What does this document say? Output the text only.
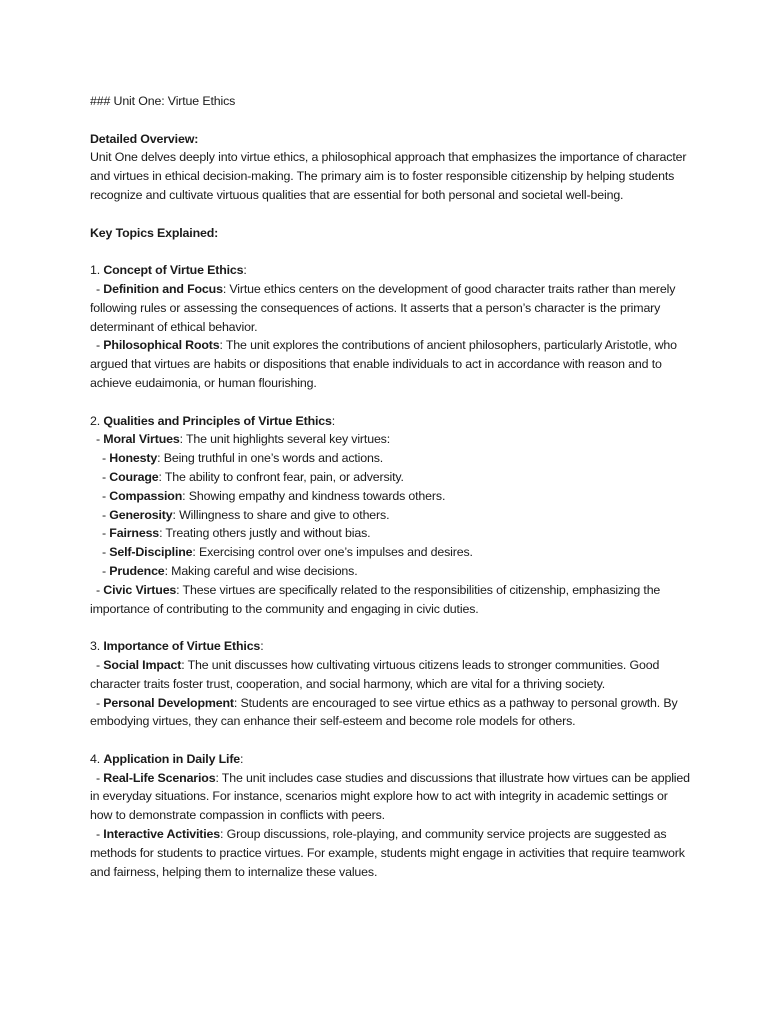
### Unit One: Virtue Ethics

Detailed Overview:

Unit One delves deeply into virtue ethics, a philosophical approach that emphasizes the importance of character and virtues in ethical decision-making. The primary aim is to foster responsible citizenship by helping students recognize and cultivate virtuous qualities that are essential for both personal and societal well-being.

Key Topics Explained:

1. Concept of Virtue Ethics:

- Definition and Focus: Virtue ethics centers on the development of good character traits rather than merely following rules or assessing the consequences of actions. It asserts that a person’s character is the primary determinant of ethical behavior.

- Philosophical Roots: The unit explores the contributions of ancient philosophers, particularly Aristotle, who argued that virtues are habits or dispositions that enable individuals to act in accordance with reason and to achieve eudaimonia, or human flourishing.

2. Qualities and Principles of Virtue Ethics:

- Moral Virtues: The unit highlights several key virtues:

- Honesty: Being truthful in one’s words and actions.

- Courage: The ability to confront fear, pain, or adversity.

- Compassion: Showing empathy and kindness towards others.

- Generosity: Willingness to share and give to others.

- Fairness: Treating others justly and without bias.

- Self-Discipline: Exercising control over one’s impulses and desires.

- Prudence: Making careful and wise decisions.

- Civic Virtues: These virtues are specifically related to the responsibilities of citizenship, emphasizing the importance of contributing to the community and engaging in civic duties.

3. Importance of Virtue Ethics:

- Social Impact: The unit discusses how cultivating virtuous citizens leads to stronger communities. Good character traits foster trust, cooperation, and social harmony, which are vital for a thriving society.

- Personal Development: Students are encouraged to see virtue ethics as a pathway to personal growth. By embodying virtues, they can enhance their self-esteem and become role models for others.

4. Application in Daily Life:

- Real-Life Scenarios: The unit includes case studies and discussions that illustrate how virtues can be applied in everyday situations. For instance, scenarios might explore how to act with integrity in academic settings or how to demonstrate compassion in conflicts with peers.

- Interactive Activities: Group discussions, role-playing, and community service projects are suggested as methods for students to practice virtues. For example, students might engage in activities that require teamwork and fairness, helping them to internalize these values.
